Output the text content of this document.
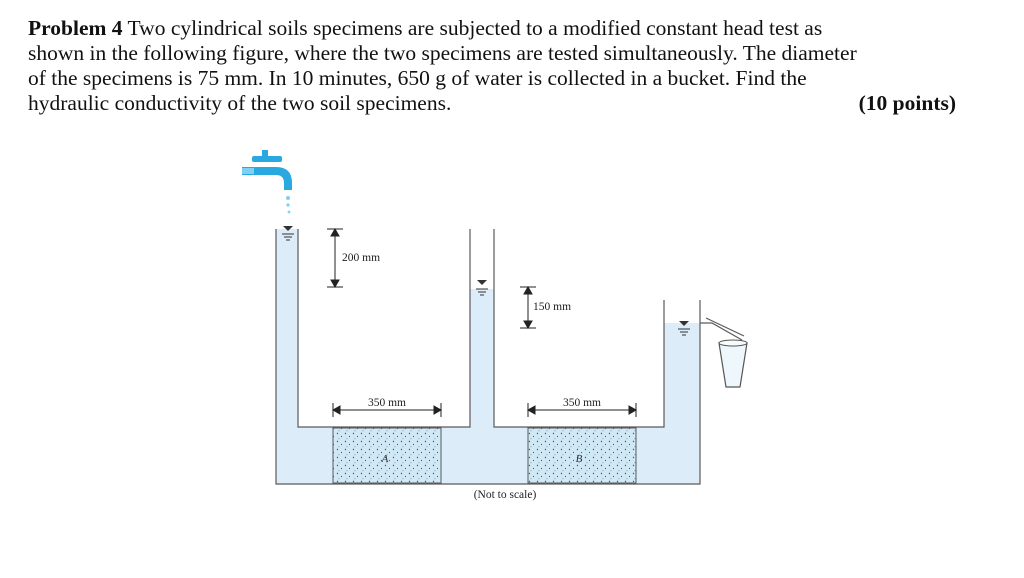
Problem 4 Two cylindrical soils specimens are subjected to a modified constant head test as

shown in the following figure, where the two specimens are tested simultaneously. The diameter

of the specimens is 75 mm. In 10 minutes, 650 g of water is collected in a bucket. Find the

hydraulic conductivity of the two soil specimens.	(10 points)
A	B
200 mm
150 mm
350 mm	350 mm
(Not to scale)
